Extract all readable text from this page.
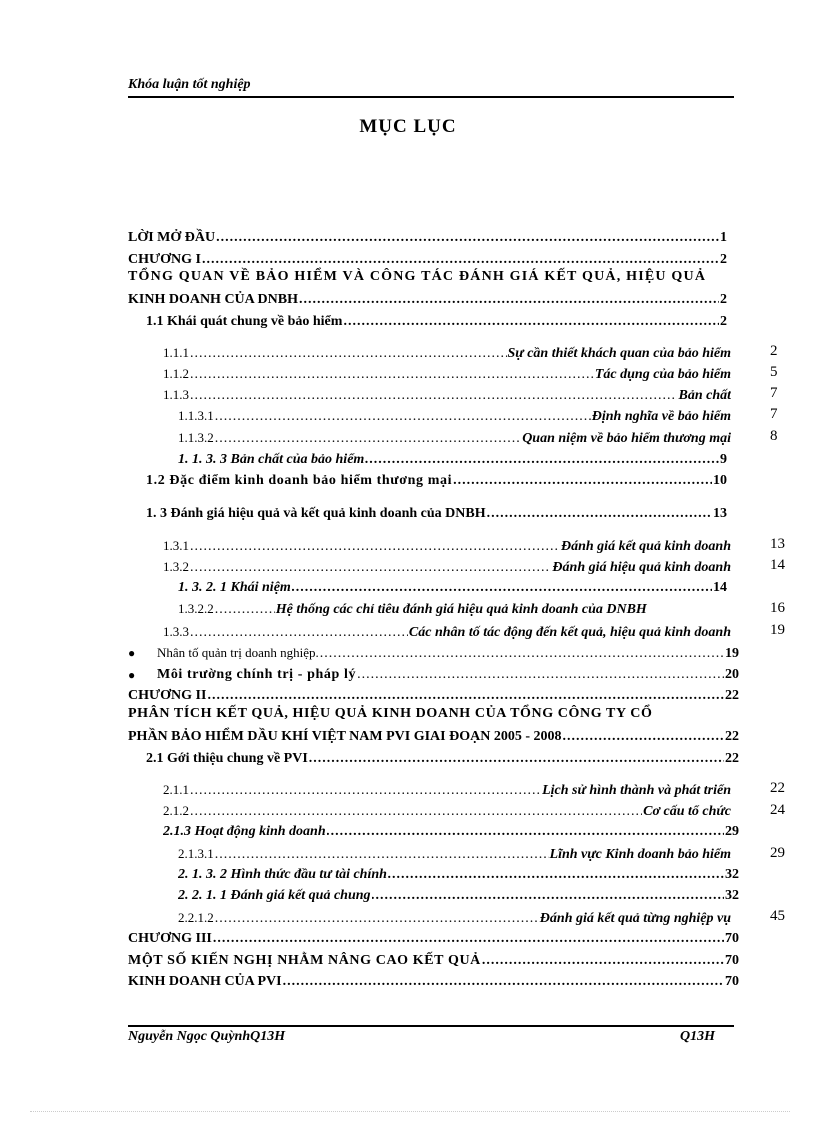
Khóa luận tốt nghiệp
MỤC LỤC
LỜI MỞ ĐẦU .....	1
CHƯƠNG I .....	2
TỔNG QUAN VỀ BẢO HIỂM VÀ CÔNG TÁC ĐÁNH GIÁ KẾT QUẢ, HIỆU QUẢ
KINH DOANH CỦA DNBH .....	2
1.1 Khái quát chung về bảo hiểm .....	2
1.1.1 .....	Sự cần thiết khách quan của bảo hiểm	2
1.1.2 .....	Tác dụng của bảo hiểm	5
1.1.3 .....	Bản chất	7
1.1.3.1 .....	Định nghĩa về bảo hiểm	7
1.1.3.2 .....	Quan niệm về bảo hiểm thương mại	8
1. 1. 3. 3 Bản chất của bảo hiểm .....	9
1.2 Đặc điểm kinh doanh bảo hiểm thương mại .....	10
1. 3 Đánh giá hiệu quả và kết quả kinh doanh của DNBH .....	13
1.3.1 .....	Đánh giá kết quả kinh doanh	13
1.3.2 .....	Đánh giá hiệu quả kinh doanh	14
1. 3. 2. 1 Khái niệm .....	14
1.3.2.2 .....	Hệ thống các chỉ tiêu đánh giá hiệu quả kinh doanh của DNBH	16
1.3.3 .....	Các nhân tố tác động đến kết quả, hiệu quả kinh doanh	19
● Nhân tố quản trị doanh nghiệp. .....	19
● Môi trường chính trị - pháp lý .....	20
CHƯƠNG II .....	22
PHÂN TÍCH KẾT QUẢ, HIỆU QUẢ KINH DOANH CỦA TỔNG CÔNG TY CỔ
PHẦN BẢO HIỂM DẦU KHÍ VIỆT NAM PVI GIAI ĐOẠN 2005 - 2008 .....	22
2.1 Gới thiệu chung về PVI .....	22
2.1.1 .....	Lịch sử hình thành và phát triển	22
2.1.2 .....	Cơ cấu tổ chức	24
2.1.3 Hoạt động kinh doanh .....	29
2.1.3.1 .....	Lĩnh vực Kinh doanh bảo hiểm	29
2. 1. 3. 2 Hình thức đầu tư tài chính .....	32
2. 2. 1. 1 Đánh giá kết quả chung .....	32
2.2.1.2 .....	Đánh giá kết quả từng nghiệp vụ	45
CHƯƠNG III .....	70
MỘT SỐ KIẾN NGHỊ NHẰM NÂNG CAO KẾT QUẢ .....	70
KINH DOANH CỦA PVI .....	70
Nguyễn Ngọc QuỳnhQ13H	Q13H
